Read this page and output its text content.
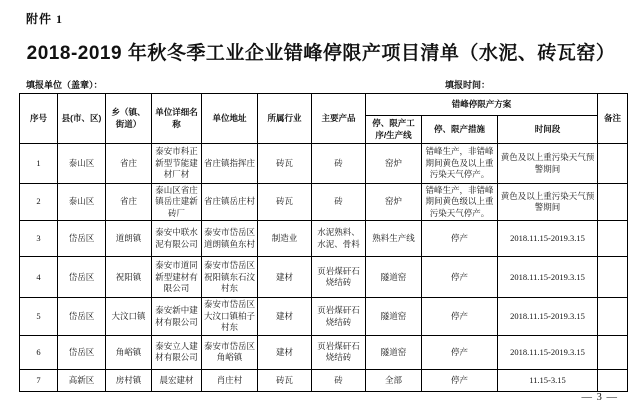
附件 1
2018-2019 年秋冬季工业企业错峰停限产项目清单（水泥、砖瓦窑）
填报单位（盖章）：	填报时间：
序号	县(市、区)	乡（镇、街道）	单位详细名称	单位地址	所属行业	主要产品	错峰停限产方案			备注
							停、限产工序/生产线	停、限产措施	时间段	
1	泰山区	省庄	泰安市科正新型节能建材厂材	省庄镇指挥庄	砖瓦	砖	窑炉	错峰生产，非错峰期间黄色及以上重污染天气停产。	黄色及以上重污染天气预警期间	
2	泰山区	省庄	泰山区省庄镇岳庄建新砖厂	省庄镇岳庄村	砖瓦	砖	窑炉	错峰生产，非错峰期间黄色级以上重污染天气停产。	黄色及以上重污染天气预警期间	
3	岱岳区	道朗镇	泰安中联水泥有限公司	泰安市岱岳区道朗镇鱼东村	制造业	水泥熟料、水泥、骨料	熟料生产线	停产	2018.11.15-2019.3.15	
4	岱岳区	祝阳镇	泰安市道同新型建材有限公司	泰安市岱岳区祝阳镇东石汶村东	建材	页岩煤矸石烧结砖	隧道窑	停产	2018.11.15-2019.3.15	
5	岱岳区	大汶口镇	泰安新中建材有限公司	泰安市岱岳区大汶口镇柏子村东	建材	页岩煤矸石烧结砖	隧道窑	停产	2018.11.15-2019.3.15	
6	岱岳区	角峪镇	泰安立人建材有限公司	泰安市岱岳区角峪镇	建材	页岩煤矸石烧结砖	隧道窑	停产	2018.11.15-2019.3.15	
7	高新区	房村镇	晨宏建材	肖庄村	砖瓦	砖	全部	停产	11.15-3.15	
— 3 —
